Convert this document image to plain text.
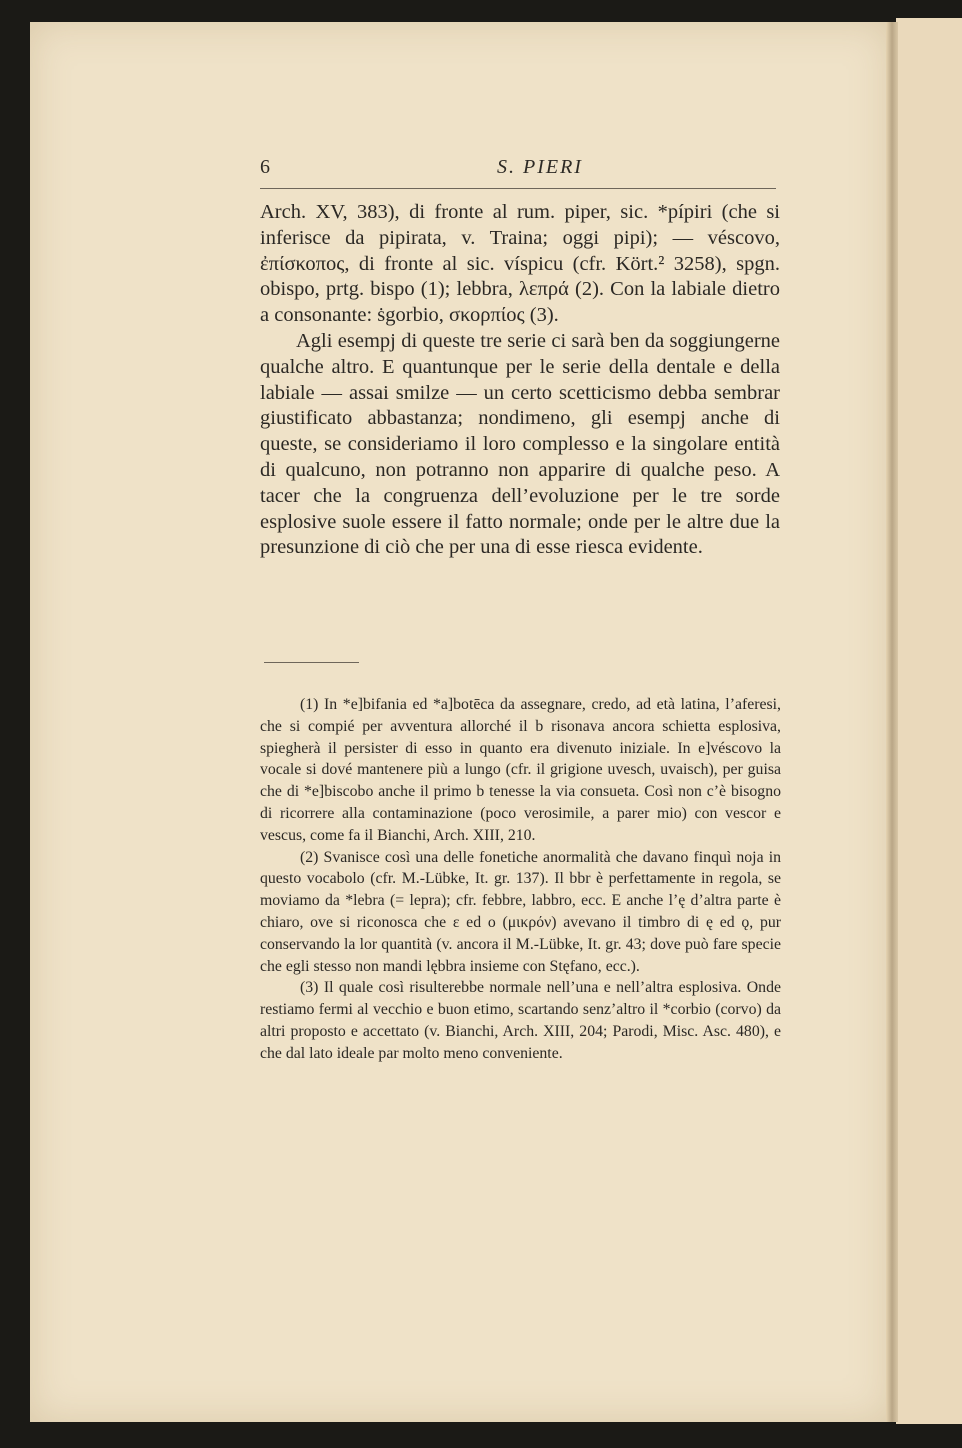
6	S. PIERI

Arch. XV, 383), di fronte al rum. piper, sic. *pípiri (che si inferisce da pipirata, v. Traina; oggi pipi); — véscovo, ἐπίσκοπος, di fronte al sic. víspicu (cfr. Kört.² 3258), spgn. obispo, prtg. bispo (1); lebbra, λεπρά (2). Con la labiale dietro a consonante: ṡgorbio, σκορπίος (3).

Agli esempj di queste tre serie ci sarà ben da soggiungerne qualche altro. E quantunque per le serie della dentale e della labiale — assai smilze — un certo scetticismo debba sembrar giustificato abbastanza; nondimeno, gli esempj anche di queste, se consideriamo il loro complesso e la singolare entità di qualcuno, non potranno non apparire di qualche peso. A tacer che la congruenza dell’evoluzione per le tre sorde esplosive suole essere il fatto normale; onde per le altre due la presunzione di ciò che per una di esse riesca evidente.

(1) In *e]bifania ed *a]botēca da assegnare, credo, ad età latina, l’aferesi, che si compié per avventura allorché il b risonava ancora schietta esplosiva, spiegherà il persister di esso in quanto era divenuto iniziale. In e]véscovo la vocale si dové mantenere più a lungo (cfr. il grigione uvesch, uvaisch), per guisa che di *e]biscobo anche il primo b tenesse la via consueta. Così non c’è bisogno di ricorrere alla contaminazione (poco verosimile, a parer mio) con vescor e vescus, come fa il Bianchi, Arch. XIII, 210.

(2) Svanisce così una delle fonetiche anormalità che davano finquì noja in questo vocabolo (cfr. M.-Lübke, It. gr. 137). Il bbr è perfettamente in regola, se moviamo da *lebra (= lepra); cfr. febbre, labbro, ecc. E anche l’ę d’altra parte è chiaro, ove si riconosca che ε ed ο (μικρόν) avevano il timbro di ę ed ǫ, pur conservando la lor quantità (v. ancora il M.-Lübke, It. gr. 43; dove può fare specie che egli stesso non mandi lębbra insieme con Stęfano, ecc.).

(3) Il quale così risulterebbe normale nell’una e nell’altra esplosiva. Onde restiamo fermi al vecchio e buon etimo, scartando senz’altro il *corbio (corvo) da altri proposto e accettato (v. Bianchi, Arch. XIII, 204; Parodi, Misc. Asc. 480), e che dal lato ideale par molto meno conveniente.
